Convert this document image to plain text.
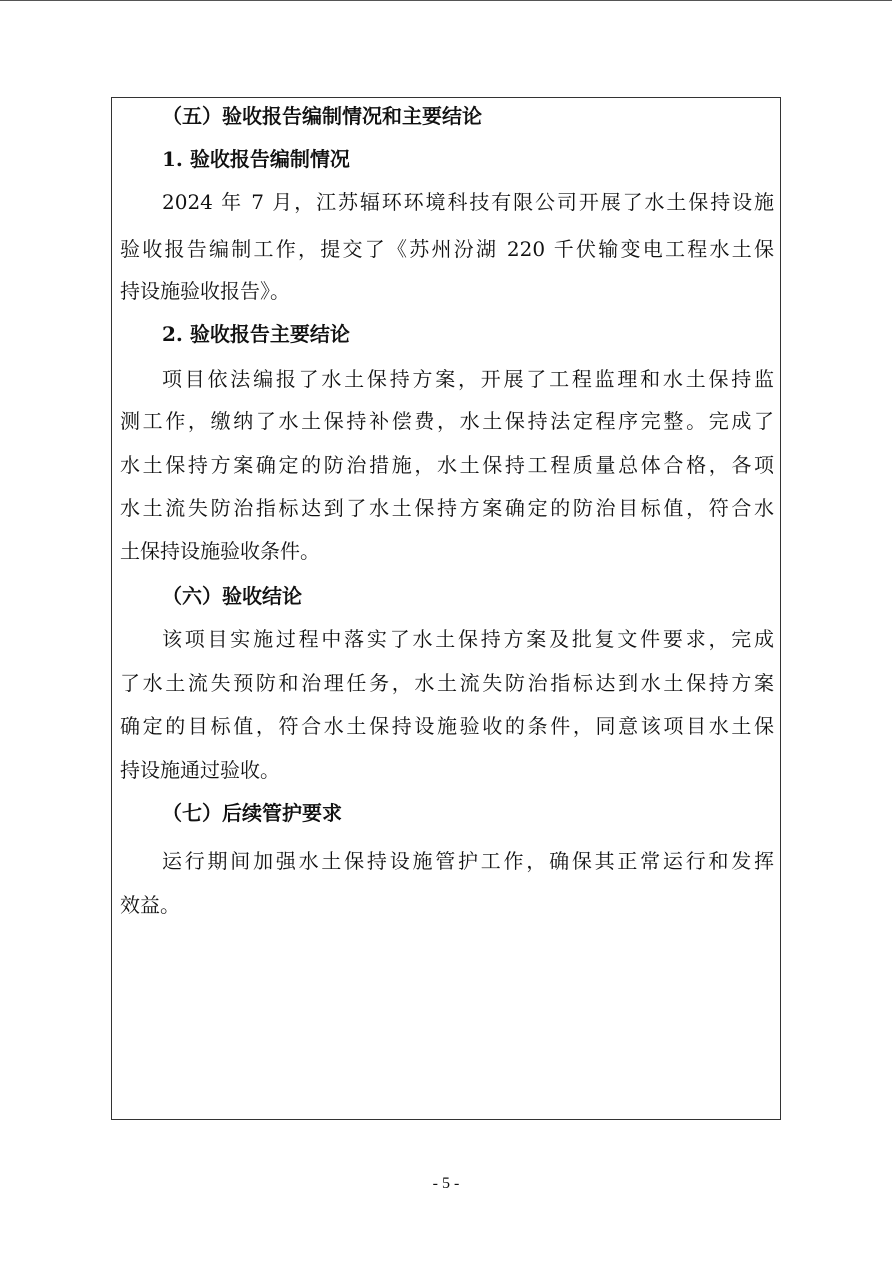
（五）验收报告编制情况和主要结论
1. 验收报告编制情况
2024 年 7 月，江苏辐环环境科技有限公司开展了水土保持设施
验收报告编制工作，提交了《苏州汾湖 220 千伏输变电工程水土保
持设施验收报告》。
2. 验收报告主要结论
项目依法编报了水土保持方案，开展了工程监理和水土保持监
测工作，缴纳了水土保持补偿费，水土保持法定程序完整。完成了
水土保持方案确定的防治措施，水土保持工程质量总体合格，各项
水土流失防治指标达到了水土保持方案确定的防治目标值，符合水
土保持设施验收条件。
（六）验收结论
该项目实施过程中落实了水土保持方案及批复文件要求，完成
了水土流失预防和治理任务，水土流失防治指标达到水土保持方案
确定的目标值，符合水土保持设施验收的条件，同意该项目水土保
持设施通过验收。
（七）后续管护要求
运行期间加强水土保持设施管护工作，确保其正常运行和发挥
效益。
- 5 -
